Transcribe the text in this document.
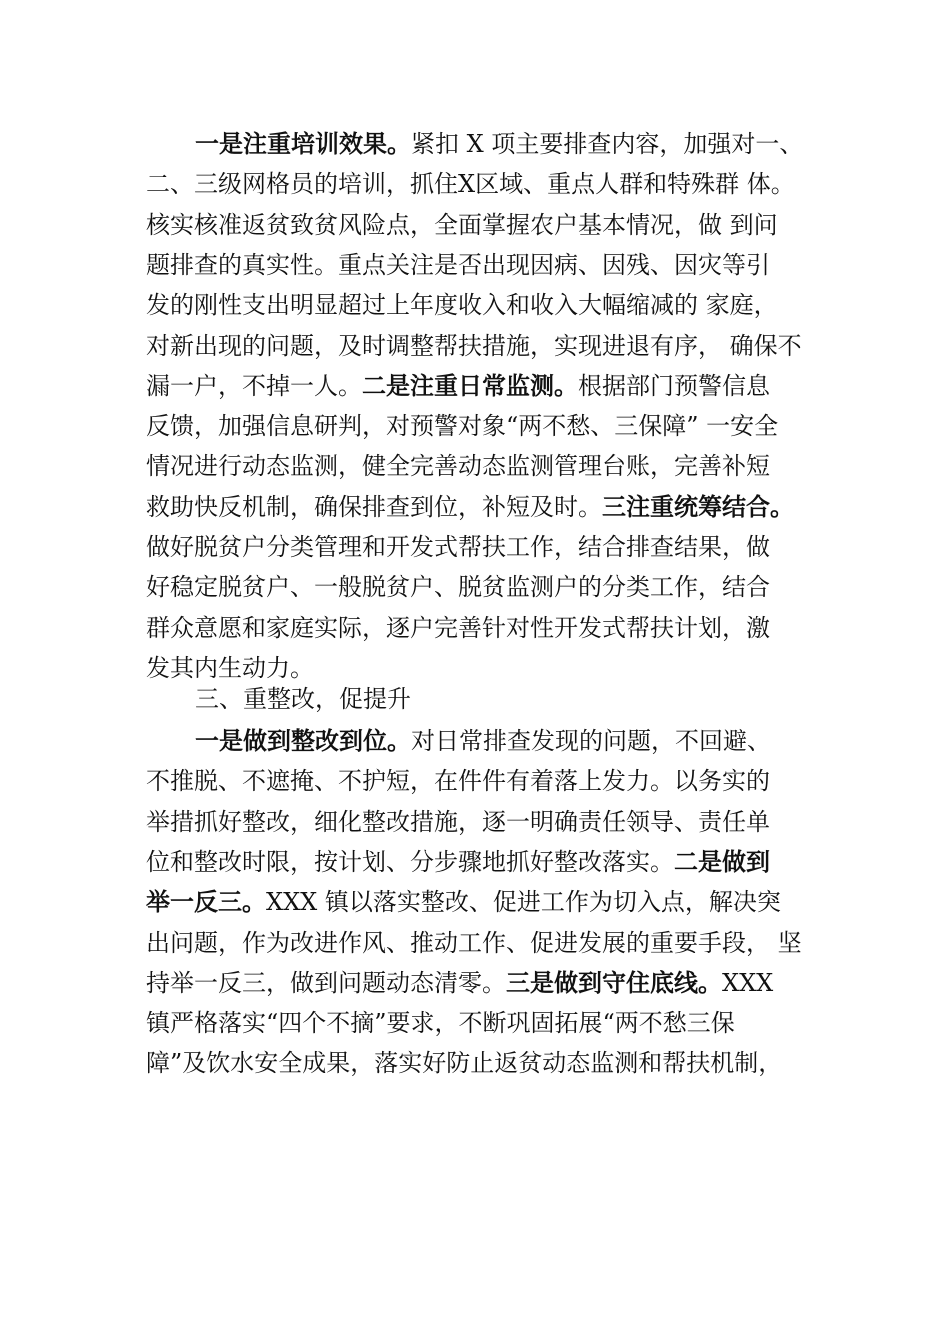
一是注重培训效果。紧扣 X 项主要排查内容，加强对一、
二、三级网格员的培训，抓住X区域、重点人群和特殊群 体。
核实核准返贫致贫风险点，全面掌握农户基本情况，做 到问
题排查的真实性。重点关注是否出现因病、因残、因灾等引
发的刚性支出明显超过上年度收入和收入大幅缩减的 家庭，
对新出现的问题，及时调整帮扶措施，实现进退有序， 确保不
漏一户，不掉一人。二是注重日常监测。根据部门预警信息
反馈，加强信息研判，对预警对象“两不愁、三保障” 一安全
情况进行动态监测，健全完善动态监测管理台账，完善补短
救助快反机制，确保排查到位，补短及时。三注重统筹结合。
做好脱贫户分类管理和开发式帮扶工作，结合排查结果，做
好稳定脱贫户、一般脱贫户、脱贫监测户的分类工作，结合
群众意愿和家庭实际，逐户完善针对性开发式帮扶计划，激
发其内生动力。
三、重整改，促提升
一是做到整改到位。对日常排查发现的问题，不回避、
不推脱、不遮掩、不护短，在件件有着落上发力。以务实的
举措抓好整改，细化整改措施，逐一明确责任领导、责任单
位和整改时限，按计划、分步骤地抓好整改落实。二是做到
举一反三。XXX 镇以落实整改、促进工作为切入点，解决突
出问题，作为改进作风、推动工作、促进发展的重要手段， 坚
持举一反三，做到问题动态清零。三是做到守住底线。XXX
镇严格落实“四个不摘”要求，不断巩固拓展“两不愁三保
障”及饮水安全成果，落实好防止返贫动态监测和帮扶机制，
